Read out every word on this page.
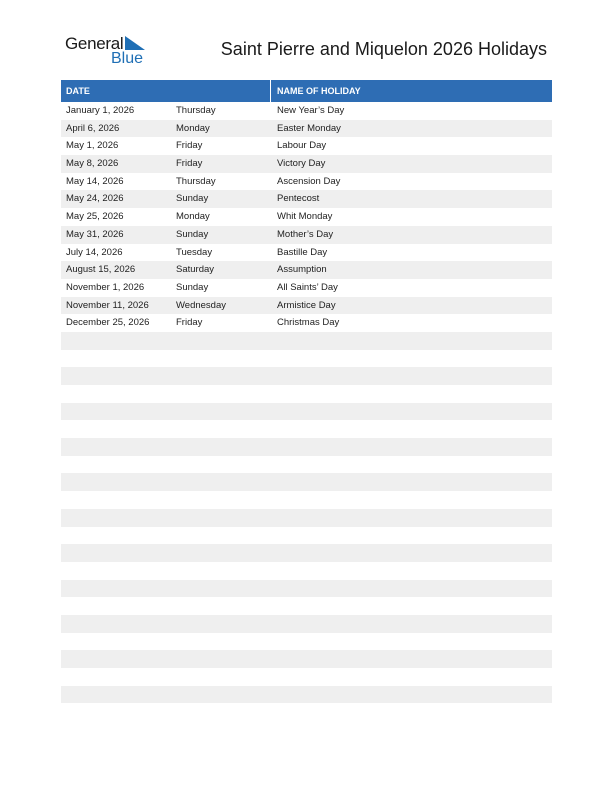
General
Blue	Saint Pierre and Miquelon 2026 Holidays
DATE	NAME OF HOLIDAY
January 1, 2026	Thursday	New Year’s Day
April 6, 2026	Monday	Easter Monday
May 1, 2026	Friday	Labour Day
May 8, 2026	Friday	Victory Day
May 14, 2026	Thursday	Ascension Day
May 24, 2026	Sunday	Pentecost
May 25, 2026	Monday	Whit Monday
May 31, 2026	Sunday	Mother’s Day
July 14, 2026	Tuesday	Bastille Day
August 15, 2026	Saturday	Assumption
November 1, 2026	Sunday	All Saints’ Day
November 11, 2026	Wednesday	Armistice Day
December 25, 2026	Friday	Christmas Day
